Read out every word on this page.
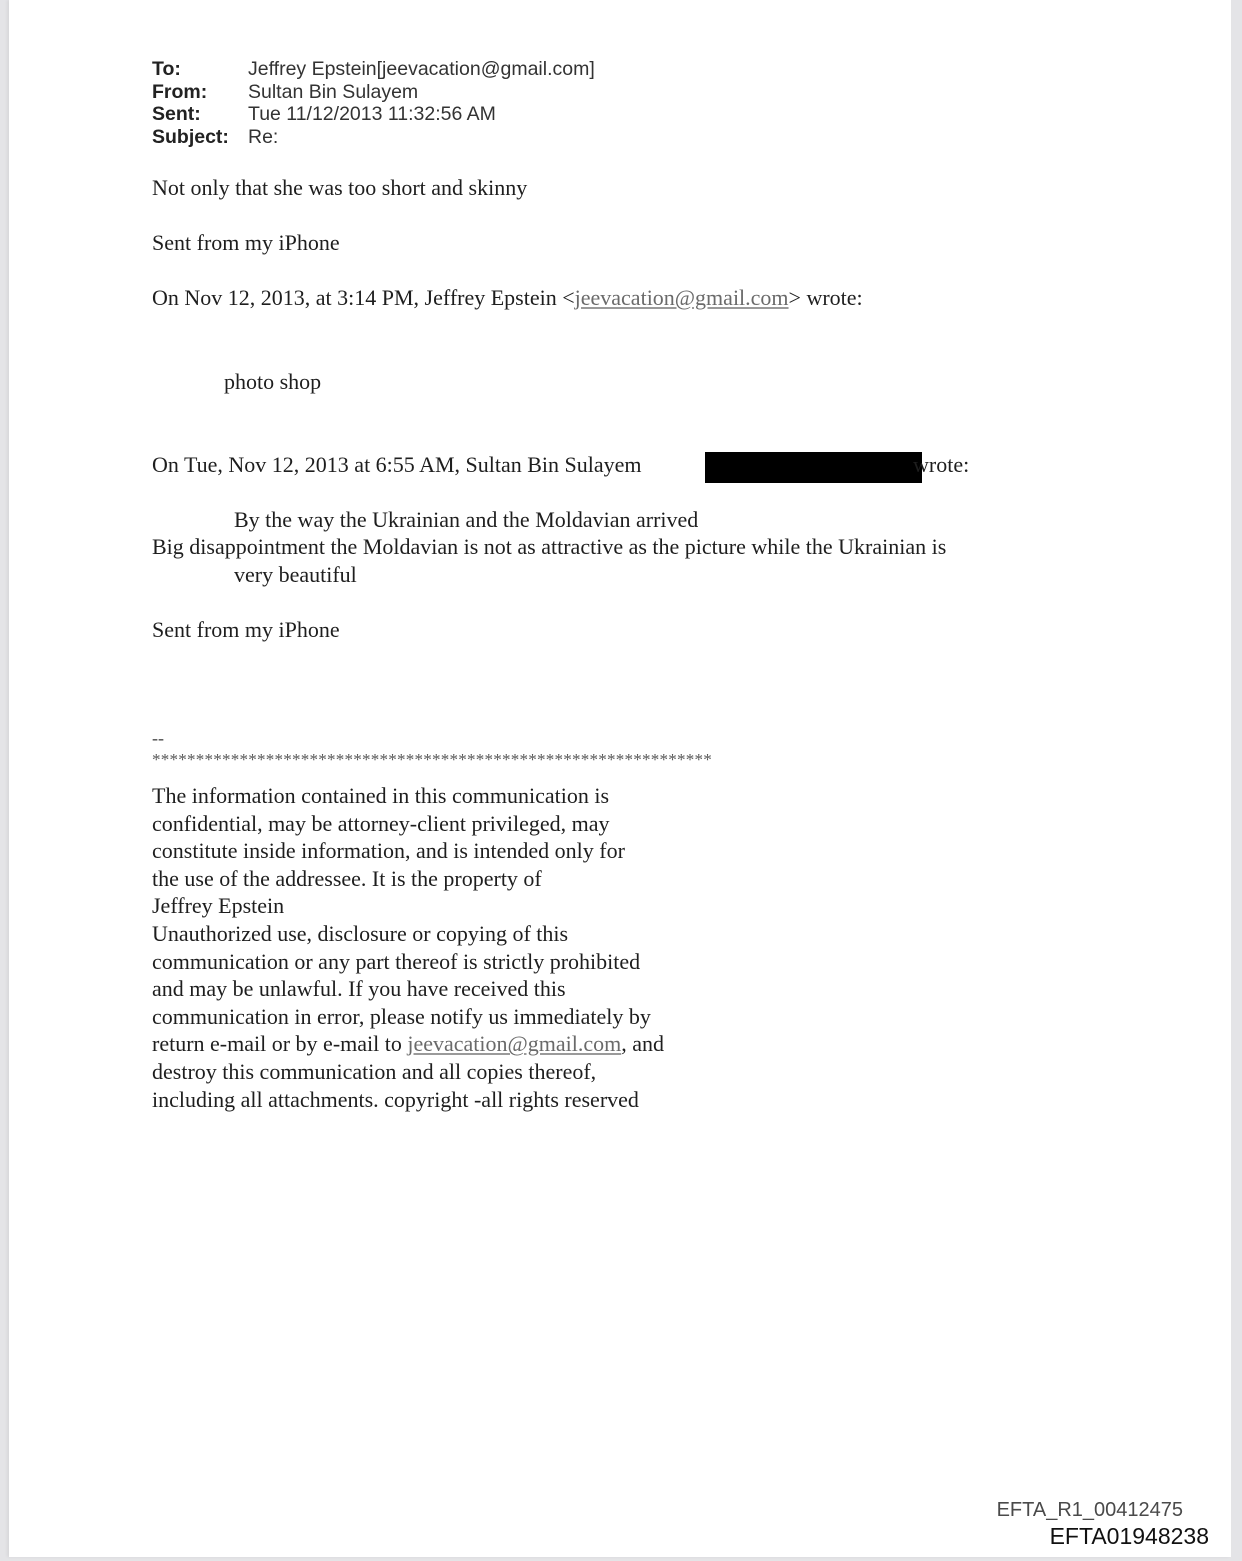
To:	Jeffrey Epstein[jeevacation@gmail.com]
From:	Sultan Bin Sulayem
Sent:	Tue 11/12/2013 11:32:56 AM
Subject: Re:
Not only that she was too short and skinny
Sent from my iPhone
On Nov 12, 2013, at 3:14 PM, Jeffrey Epstein <jeevacation@gmail.com> wrote:
photo shop
On Tue, Nov 12, 2013 at 6:55 AM, Sultan Bin Sulayem	wrote:
By the way the Ukrainian and the Moldavian arrived
Big disappointment the Moldavian is not as attractive as the picture while the Ukrainian is
very beautiful
Sent from my iPhone
--
****************************************************************
The information contained in this communication is
confidential, may be attorney-client privileged, may
constitute inside information, and is intended only for
the use of the addressee. It is the property of
Jeffrey Epstein
Unauthorized use, disclosure or copying of this
communication or any part thereof is strictly prohibited
and may be unlawful. If you have received this
communication in error, please notify us immediately by
return e-mail or by e-mail to jeevacation@gmail.com, and
destroy this communication and all copies thereof,
including all attachments. copyright -all rights reserved
EFTA_R1_00412475
EFTA01948238
